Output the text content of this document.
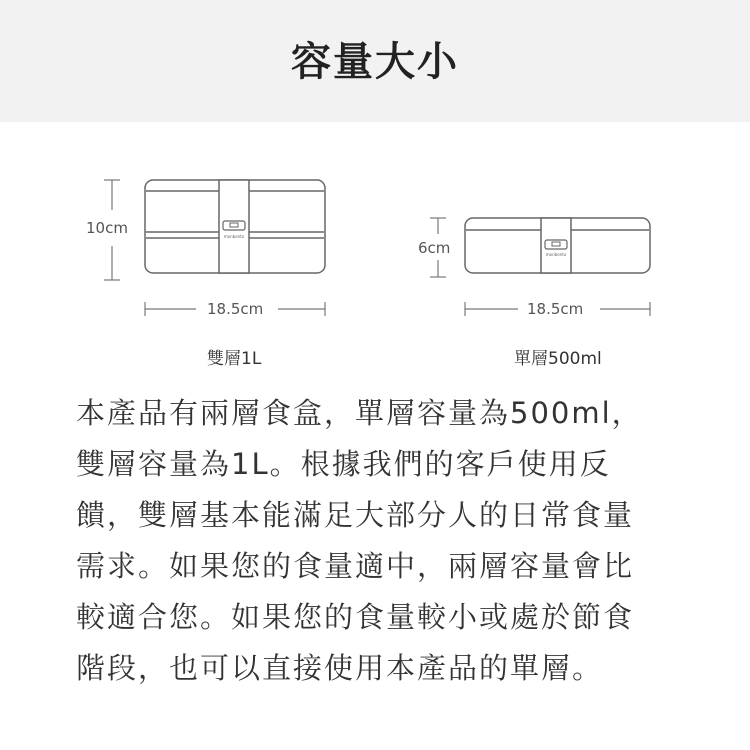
容量大小
monbento
monbento
10cm
18.5cm
雙層1L
6cm
18.5cm
單層500ml

本產品有兩層食盒，單層容量為500ml，

雙層容量為1L。根據我們的客戶使用反

饋，雙層基本能滿足大部分人的日常食量

需求。如果您的食量適中，兩層容量會比

較適合您。如果您的食量較小或處於節食

階段，也可以直接使用本產品的單層。
